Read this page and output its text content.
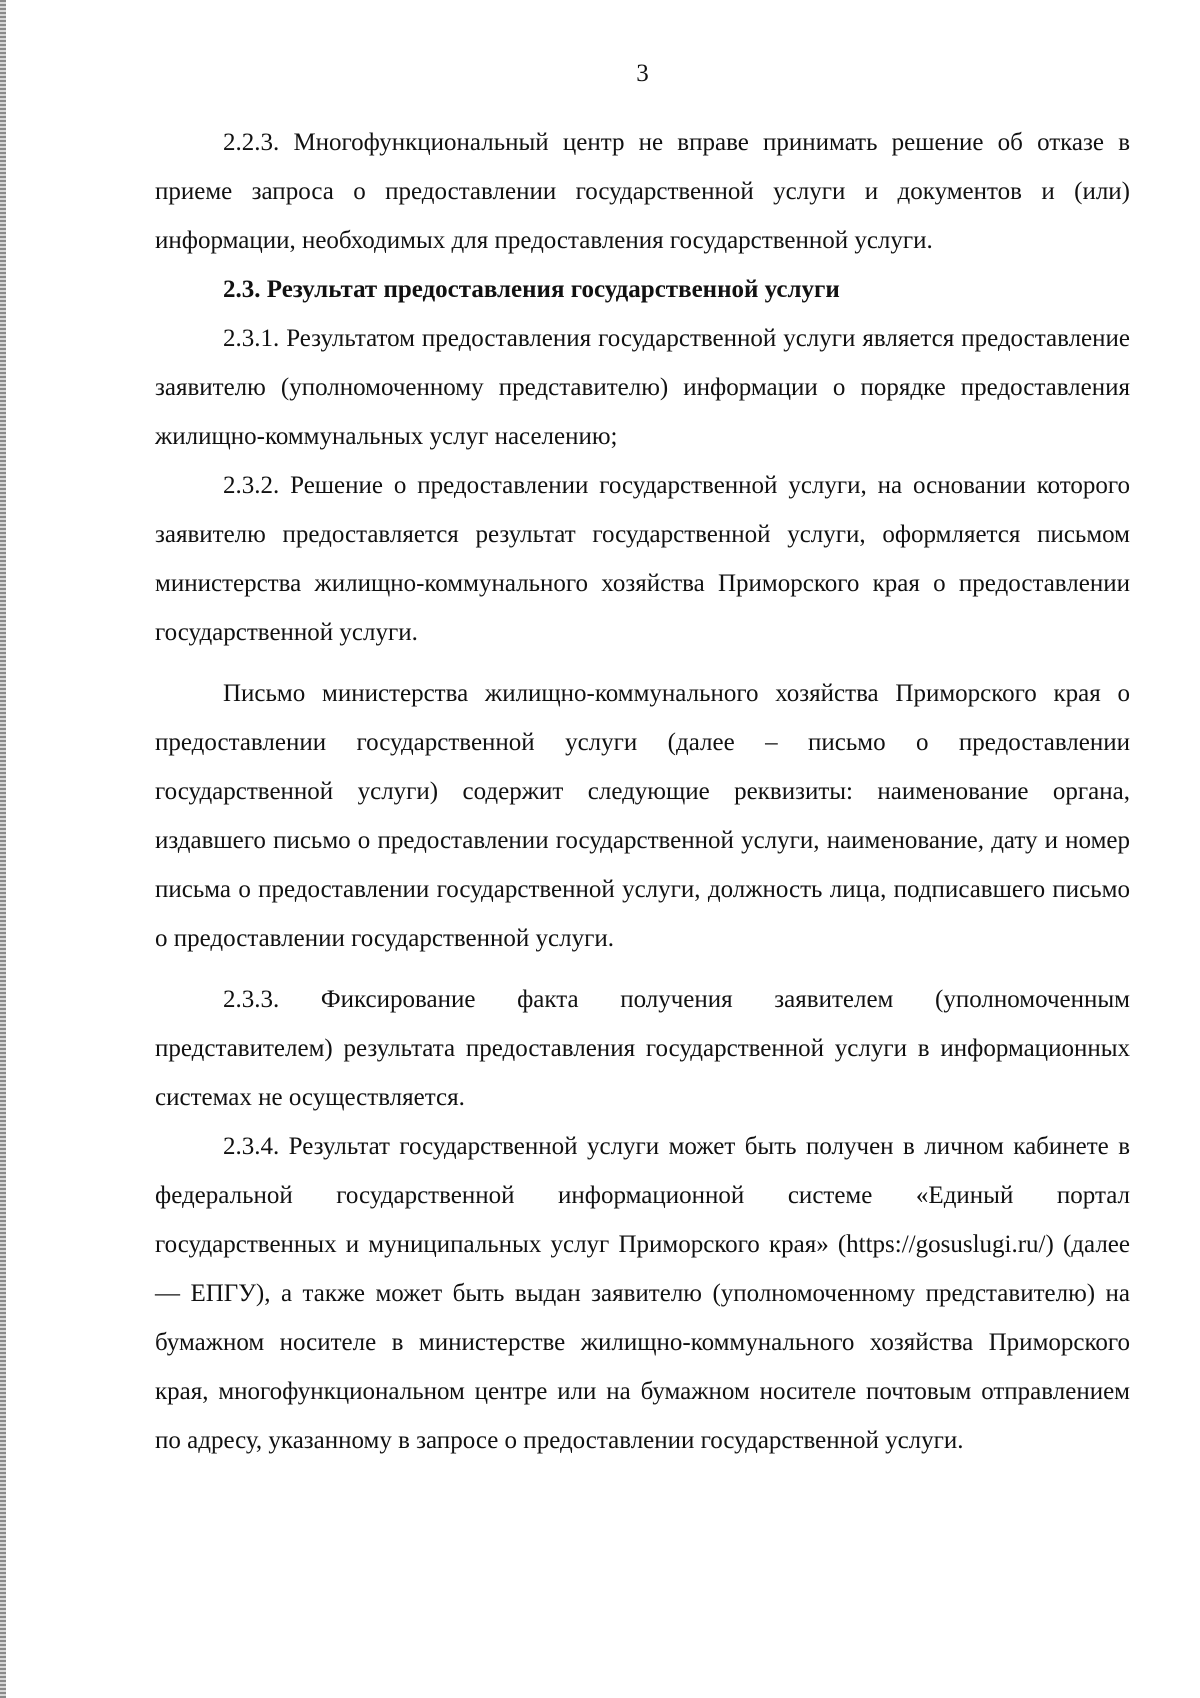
3

2.2.3. Многофункциональный центр не вправе принимать решение об отказе в приеме запроса о предоставлении государственной услуги и документов и (или) информации, необходимых для предоставления государственной услуги.

2.3. Результат предоставления государственной услуги

2.3.1. Результатом предоставления государственной услуги является предоставление заявителю (уполномоченному представителю) информации о порядке предоставления жилищно-коммунальных услуг населению;

2.3.2. Решение о предоставлении государственной услуги, на основании которого заявителю предоставляется результат государственной услуги, оформляется письмом министерства жилищно-коммунального хозяйства Приморского края о предоставлении государственной услуги.

Письмо министерства жилищно-коммунального хозяйства Приморского края о предоставлении государственной услуги (далее – письмо о предоставлении государственной услуги) содержит следующие реквизиты: наименование органа, издавшего письмо о предоставлении государственной услуги, наименование, дату и номер письма о предоставлении государственной услуги, должность лица, подписавшего письмо о предоставлении государственной услуги.

2.3.3. Фиксирование факта получения заявителем (уполномоченным представителем) результата предоставления государственной услуги в информационных системах не осуществляется.

2.3.4. Результат государственной услуги может быть получен в личном кабинете в федеральной государственной информационной системе «Единый портал государственных и муниципальных услуг Приморского края» (https://gosuslugi.ru/) (далее — ЕПГУ), а также может быть выдан заявителю (уполномоченному представителю) на бумажном носителе в министерстве жилищно-коммунального хозяйства Приморского края, многофункциональном центре или на бумажном носителе почтовым отправлением по адресу, указанному в запросе о предоставлении государственной услуги.
